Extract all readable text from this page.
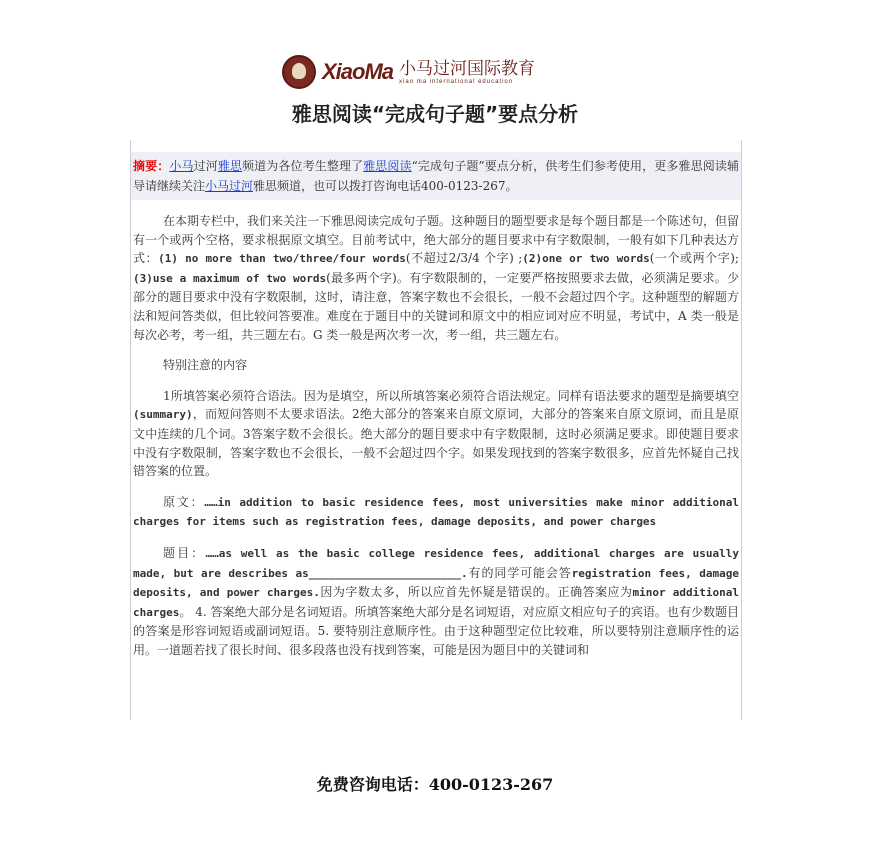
XiaoMa 小马过河国际教育
xiao ma international education
雅思阅读“完成句子题”要点分析
摘要：小马过河雅思频道为各位考生整理了雅思阅读“完成句子题”要点分析，供考生们参考使用，更多雅思阅读辅导请继续关注小马过河雅思频道，也可以拨打咨询电话400-0123-267。

在本期专栏中，我们来关注一下雅思阅读完成句子题。这种题目的题型要求是每个题目都是一个陈述句，但留有一个或两个空格，要求根据原文填空。目前考试中，绝大部分的题目要求中有字数限制，一般有如下几种表达方式：(1) no more than two/three/four words(不超过2/3/4 个字) ;(2)one or two words(一个或两个字);(3)use a maximum of two words(最多两个字)。有字数限制的，一定要严格按照要求去做，必须满足要求。少部分的题目要求中没有字数限制，这时，请注意，答案字数也不会很长，一般不会超过四个字。这种题型的解题方法和短问答类似，但比较问答要准。难度在于题目中的关键词和原文中的相应词对应不明显，考试中，A 类一般是每次必考，考一组，共三题左右。G 类一般是两次考一次，考一组，共三题左右。

特别注意的内容

1所填答案必须符合语法。因为是填空，所以所填答案必须符合语法规定。同样有语法要求的题型是摘要填空(summary)，而短问答则不太要求语法。2绝大部分的答案来自原文原词，大部分的答案来自原文原词，而且是原文中连续的几个词。3答案字数不会很长。绝大部分的题目要求中有字数限制，这时必须满足要求。即使题目要求中没有字数限制，答案字数也不会很长，一般不会超过四个字。如果发现找到的答案字数很多，应首先怀疑自己找错答案的位置。

原文：……in addition to basic residence fees, most universities make minor additional charges for items such as registration fees, damage deposits, and power charges

题目：……as well as the basic college residence fees, additional charges are usually made, but are describes as_______________________.有的同学可能会答registration fees, damage deposits, and power charges.因为字数太多，所以应首先怀疑是错误的。正确答案应为minor additional charges。 4. 答案绝大部分是名词短语。所填答案绝大部分是名词短语，对应原文相应句子的宾语。也有少数题目的答案是形容词短语或副词短语。5. 要特别注意顺序性。由于这种题型定位比较难，所以要特别注意顺序性的运用。一道题若找了很长时间、很多段落也没有找到答案，可能是因为题目中的关键词和

免费咨询电话：400-0123-267
